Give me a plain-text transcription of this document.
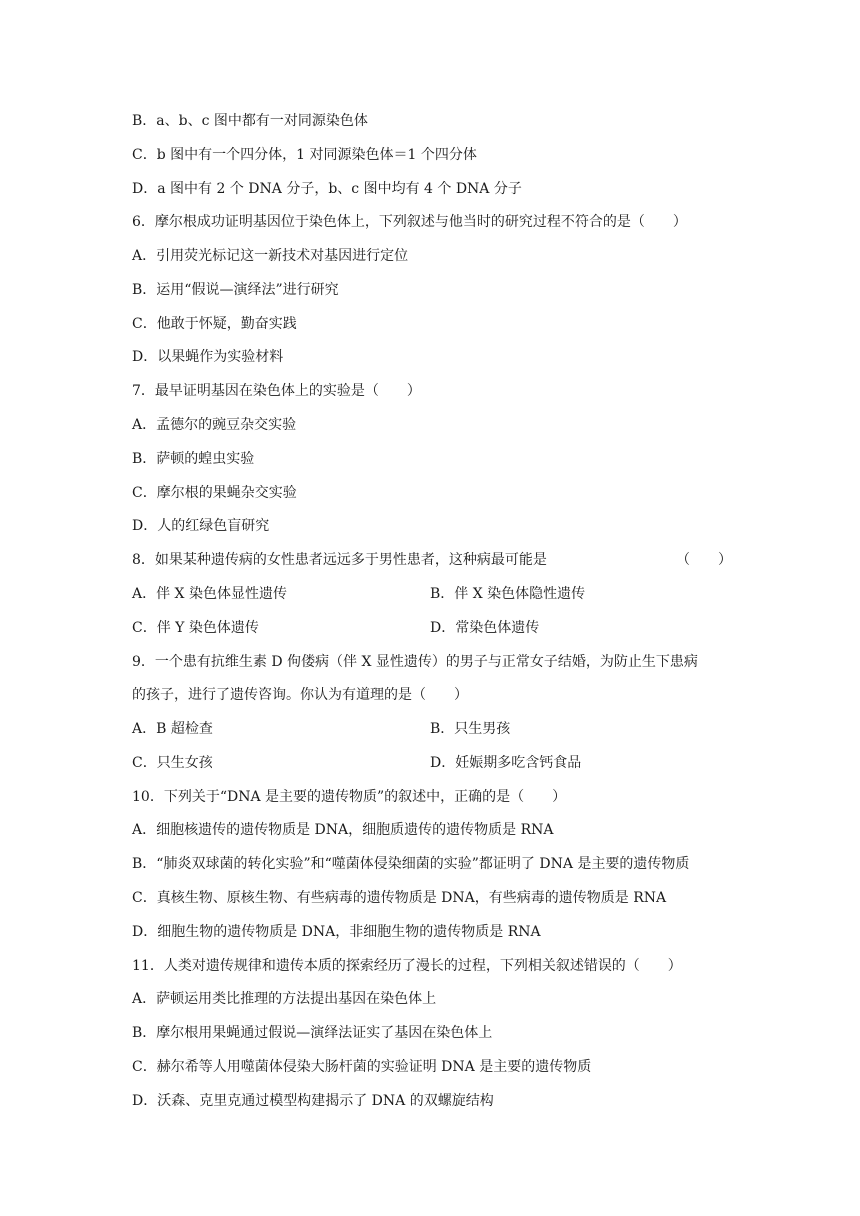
B．a、b、c 图中都有一对同源染色体
C．b 图中有一个四分体，1 对同源染色体＝1 个四分体
D．a 图中有 2 个 DNA 分子，b、c 图中均有 4 个 DNA 分子
6．摩尔根成功证明基因位于染色体上，下列叙述与他当时的研究过程不符合的是（　　）
A．引用荧光标记这一新技术对基因进行定位
B．运用“假说—演绎法”进行研究
C．他敢于怀疑，勤奋实践
D．以果蝇作为实验材料
7．最早证明基因在染色体上的实验是（　　）
A．孟德尔的豌豆杂交实验
B．萨顿的蝗虫实验
C．摩尔根的果蝇杂交实验
D．人的红绿色盲研究
8．如果某种遗传病的女性患者远远多于男性患者，这种病最可能是	（　　）
A．伴 X 染色体显性遗传	B．伴 X 染色体隐性遗传
C．伴 Y 染色体遗传	D．常染色体遗传
9．一个患有抗维生素 D 佝偻病（伴 X 显性遗传）的男子与正常女子结婚，为防止生下患病
的孩子，进行了遗传咨询。你认为有道理的是（　　）
A．B 超检查	B．只生男孩
C．只生女孩	D．妊娠期多吃含钙食品
10．下列关于“DNA 是主要的遗传物质”的叙述中，正确的是（　　）
A．细胞核遗传的遗传物质是 DNA，细胞质遗传的遗传物质是 RNA
B．“肺炎双球菌的转化实验”和“噬菌体侵染细菌的实验”都证明了 DNA 是主要的遗传物质
C．真核生物、原核生物、有些病毒的遗传物质是 DNA，有些病毒的遗传物质是 RNA
D．细胞生物的遗传物质是 DNA，非细胞生物的遗传物质是 RNA
11．人类对遗传规律和遗传本质的探索经历了漫长的过程，下列相关叙述错误的（　　）
A．萨顿运用类比推理的方法提出基因在染色体上
B．摩尔根用果蝇通过假说—演绎法证实了基因在染色体上
C．赫尔希等人用噬菌体侵染大肠杆菌的实验证明 DNA 是主要的遗传物质
D．沃森、克里克通过模型构建揭示了 DNA 的双螺旋结构
